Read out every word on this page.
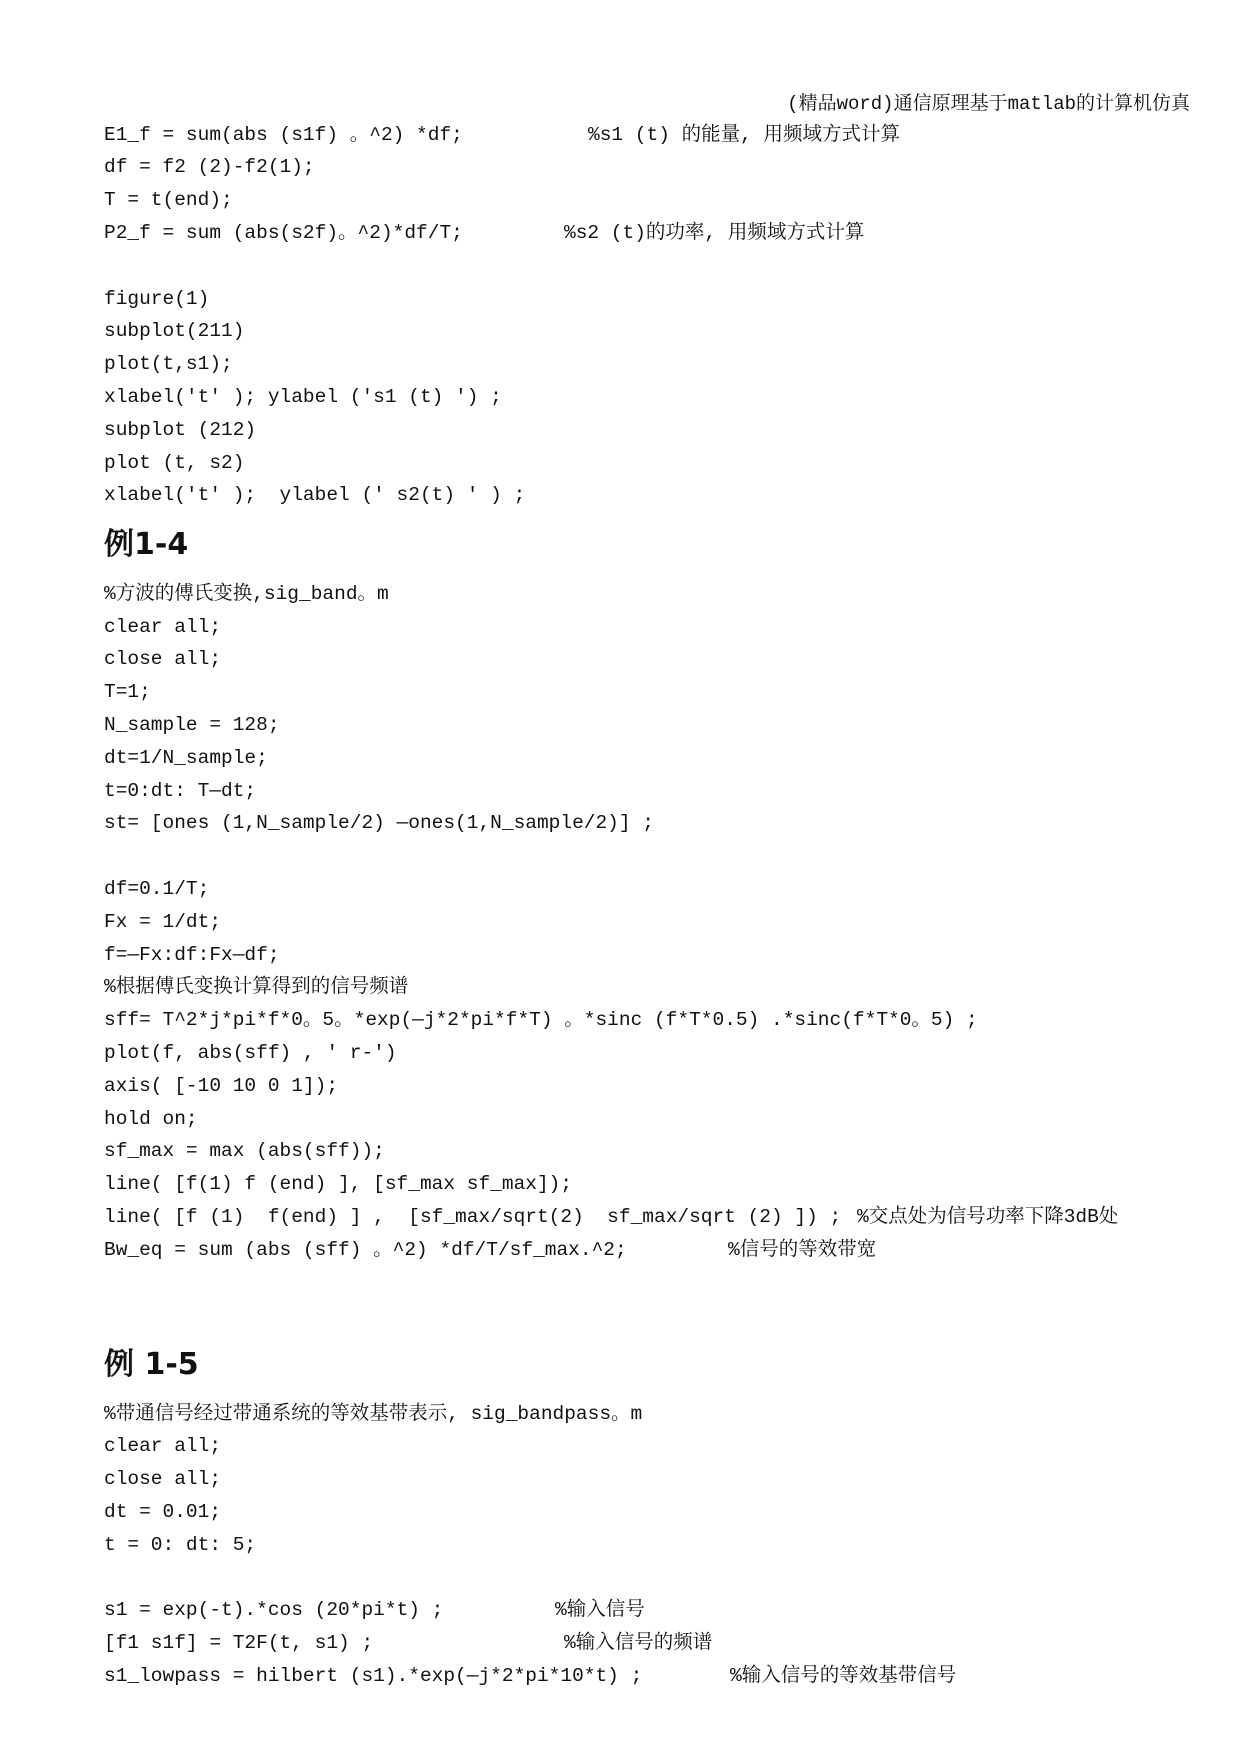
(精品word)通信原理基于matlab的计算机仿真
E1_f = sum(abs (s1f) 。^2) *df;	%s1 (t) 的能量, 用频域方式计算
df = f2 (2)-f2(1);
T = t(end);
P2_f = sum (abs(s2f)。^2)*df/T;	%s2 (t)的功率, 用频域方式计算
figure(1)
subplot(211)
plot(t,s1);
xlabel('t' ); ylabel ('s1 (t) ') ;
subplot (212)
plot (t, s2)
xlabel('t' );  ylabel (' s2(t) ' ) ;
例1-4
%方波的傅氏变换,sig_band。m
clear all;
close all;
T=1;
N_sample = 128;
dt=1/N_sample;
t=0:dt: T—dt;
st= [ones (1,N_sample/2) —ones(1,N_sample/2)] ;
df=0.1/T;
Fx = 1/dt;
f=—Fx:df:Fx—df;
%根据傅氏变换计算得到的信号频谱
sff= T^2*j*pi*f*0。5。*exp(—j*2*pi*f*T) 。*sinc (f*T*0.5) .*sinc(f*T*0。5) ;
plot(f, abs(sff) , ' r-')
axis( [-10 10 0 1]);
hold on;
sf_max = max (abs(sff));
line( [f(1) f (end) ], [sf_max sf_max]);
line( [f (1)  f(end) ] ,  [sf_max/sqrt(2)  sf_max/sqrt (2) ]) ; %交点处为信号功率下降3dB处
Bw_eq = sum (abs (sff) 。^2) *df/T/sf_max.^2;	%信号的等效带宽
例 1-5
%带通信号经过带通系统的等效基带表示, sig_bandpass。m
clear all;
close all;
dt = 0.01;
t = 0: dt: 5;
s1 = exp(-t).*cos (20*pi*t) ;	%输入信号
[f1 s1f] = T2F(t, s1) ;	%输入信号的频谱
s1_lowpass = hilbert (s1).*exp(—j*2*pi*10*t) ;	%输入信号的等效基带信号
